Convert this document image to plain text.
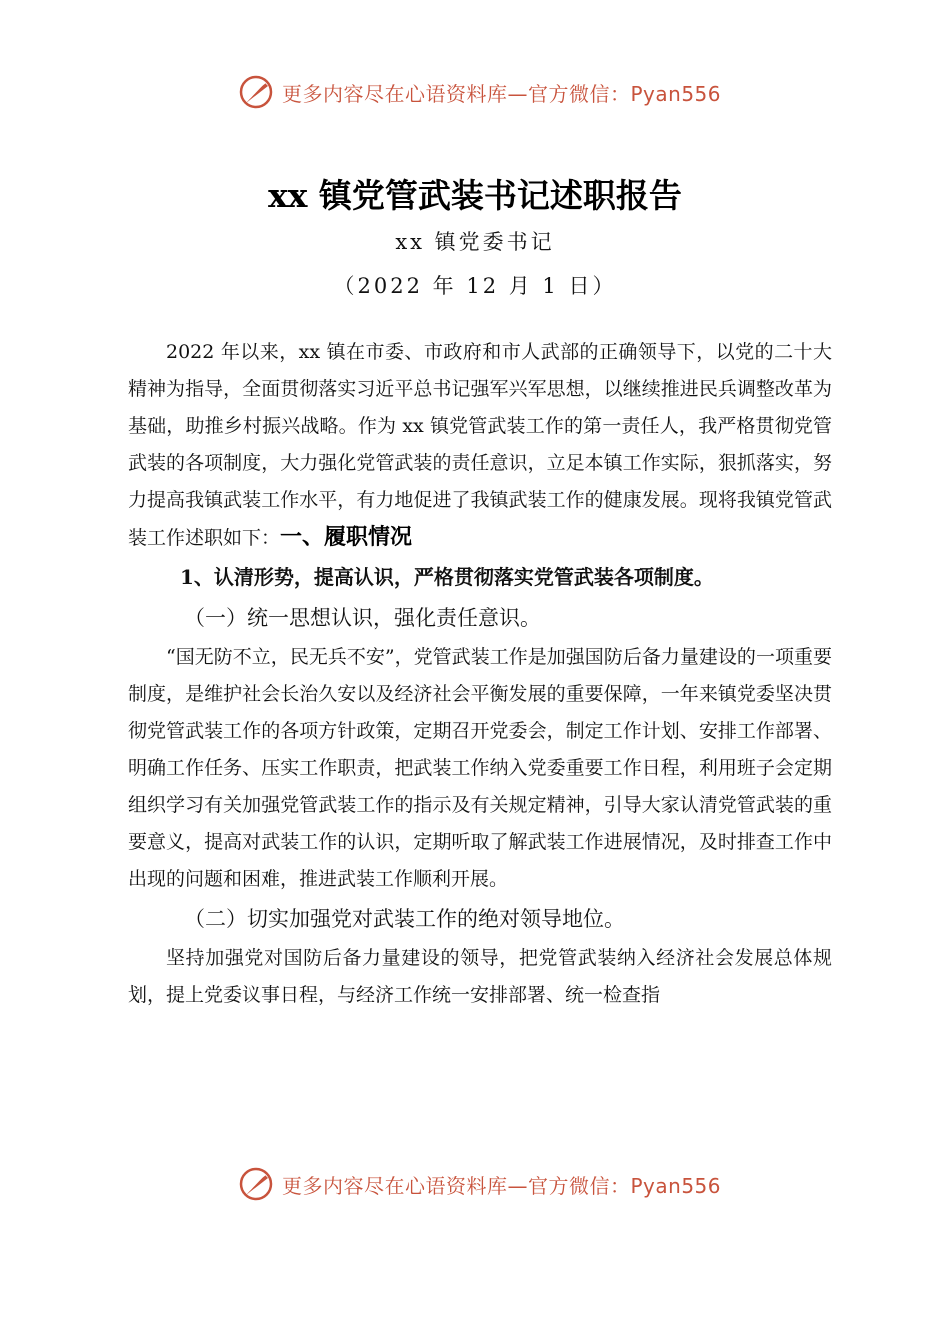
更多内容尽在心语资料库—官方微信：Pyan556
xx 镇党管武装书记述职报告
xx 镇党委书记
（2022 年 12 月 1 日）

2022 年以来，xx 镇在市委、市政府和市人武部的正确领导下，以党的二十大精神为指导，全面贯彻落实习近平总书记强军兴军思想，以继续推进民兵调整改革为基础，助推乡村振兴战略。作为 xx 镇党管武装工作的第一责任人，我严格贯彻党管武装的各项制度，大力强化党管武装的责任意识，立足本镇工作实际，狠抓落实，努力提高我镇武装工作水平，有力地促进了我镇武装工作的健康发展。现将我镇党管武装工作述职如下：一、履职情况

1、认清形势，提高认识，严格贯彻落实党管武装各项制度。
（一）统一思想认识，强化责任意识。

“国无防不立，民无兵不安”，党管武装工作是加强国防后备力量建设的一项重要制度，是维护社会长治久安以及经济社会平衡发展的重要保障，一年来镇党委坚决贯彻党管武装工作的各项方针政策，定期召开党委会，制定工作计划、安排工作部署、明确工作任务、压实工作职责，把武装工作纳入党委重要工作日程，利用班子会定期组织学习有关加强党管武装工作的指示及有关规定精神，引导大家认清党管武装的重要意义，提高对武装工作的认识，定期听取了解武装工作进展情况，及时排查工作中出现的问题和困难，推进武装工作顺利开展。

（二）切实加强党对武装工作的绝对领导地位。

坚持加强党对国防后备力量建设的领导，把党管武装纳入经济社会发展总体规划，提上党委议事日程，与经济工作统一安排部署、统一检查指

更多内容尽在心语资料库—官方微信：Pyan556
